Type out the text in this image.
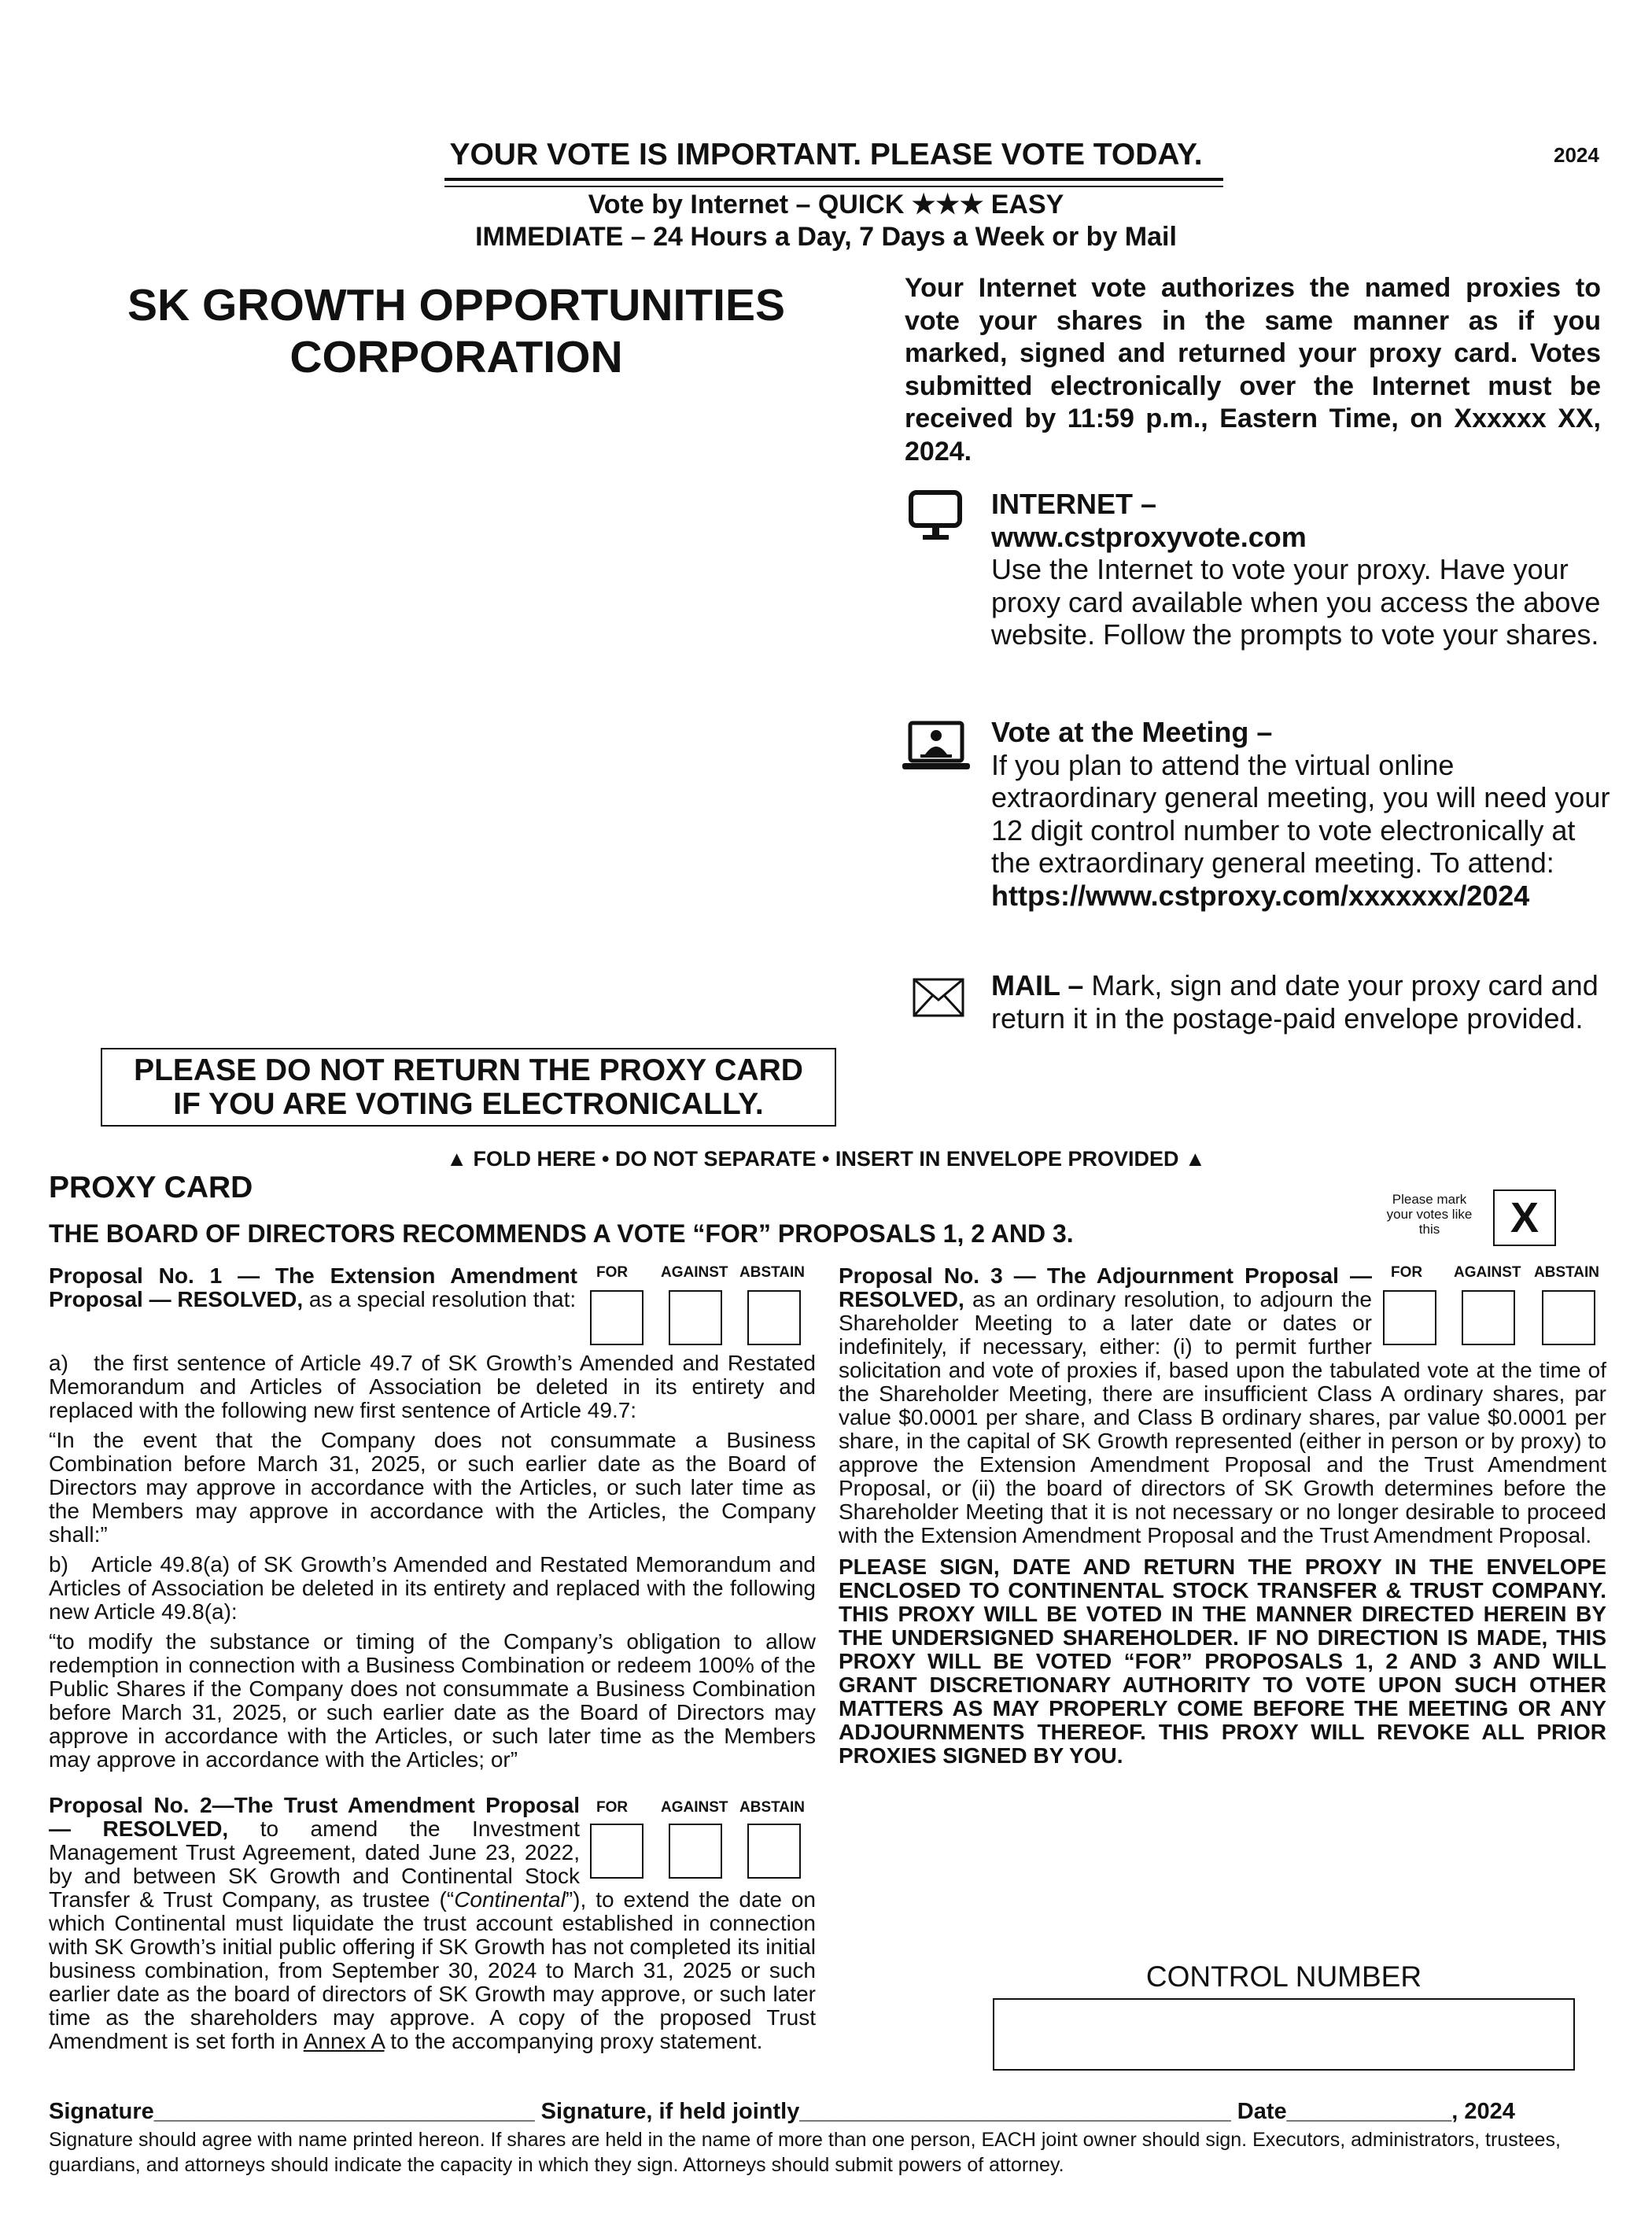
YOUR VOTE IS IMPORTANT. PLEASE VOTE TODAY.	2024
Vote by Internet – QUICK ★★★ EASY
IMMEDIATE – 24 Hours a Day, 7 Days a Week or by Mail
SK GROWTH OPPORTUNITIES
CORPORATION
Your Internet vote authorizes the named proxies to vote your shares in the same manner as if you marked, signed and returned your proxy card. Votes submitted electronically over the Internet must be received by 11:59 p.m., Eastern Time, on Xxxxxx XX, 2024.
INTERNET –
www.cstproxyvote.com
Use the Internet to vote your proxy. Have your proxy card available when you access the above website. Follow the prompts to vote your shares.
Vote at the Meeting –
If you plan to attend the virtual online extraordinary general meeting, you will need your 12 digit control number to vote electronically at the extraordinary general meeting. To attend:
https://www.cstproxy.com/xxxxxxx/2024
MAIL – Mark, sign and date your proxy card and return it in the postage-paid envelope provided.
PLEASE DO NOT RETURN THE PROXY CARD
IF YOU ARE VOTING ELECTRONICALLY.
▲ FOLD HERE • DO NOT SEPARATE • INSERT IN ENVELOPE PROVIDED ▲
PROXY CARD
THE BOARD OF DIRECTORS RECOMMENDS A VOTE “FOR” PROPOSALS 1, 2 AND 3.
Please mark your votes like this	X
Proposal No. 1 — The Extension Amendment Proposal — RESOLVED, as a special resolution that:
FOR AGAINST ABSTAIN
a)   the first sentence of Article 49.7 of SK Growth’s Amended and Restated Memorandum and Articles of Association be deleted in its entirety and replaced with the following new first sentence of Article 49.7:
“In the event that the Company does not consummate a Business Combination before March 31, 2025, or such earlier date as the Board of Directors may approve in accordance with the Articles, or such later time as the Members may approve in accordance with the Articles, the Company shall:”
b)   Article 49.8(a) of SK Growth’s Amended and Restated Memorandum and Articles of Association be deleted in its entirety and replaced with the following new Article 49.8(a):
“to modify the substance or timing of the Company’s obligation to allow redemption in connection with a Business Combination or redeem 100% of the Public Shares if the Company does not consummate a Business Combination before March 31, 2025, or such earlier date as the Board of Directors may approve in accordance with the Articles, or such later time as the Members may approve in accordance with the Articles; or”
FOR AGAINST ABSTAIN
Proposal No. 2—The Trust Amendment Proposal — RESOLVED, to amend the Investment Management Trust Agreement, dated June 23, 2022, by and between SK Growth and Continental Stock Transfer & Trust Company, as trustee (“Continental”), to extend the date on which Continental must liquidate the trust account established in connection with SK Growth’s initial public offering if SK Growth has not completed its initial business combination, from September 30, 2024 to March 31, 2025 or such earlier date as the board of directors of SK Growth may approve, or such later time as the shareholders may approve. A copy of the proposed Trust Amendment is set forth in Annex A to the accompanying proxy statement.
FOR AGAINST ABSTAIN
Proposal No. 3 — The Adjournment Proposal — RESOLVED, as an ordinary resolution, to adjourn the Shareholder Meeting to a later date or dates or indefinitely, if necessary, either: (i) to permit further solicitation and vote of proxies if, based upon the tabulated vote at the time of the Shareholder Meeting, there are insufficient Class A ordinary shares, par value $0.0001 per share, and Class B ordinary shares, par value $0.0001 per share, in the capital of SK Growth represented (either in person or by proxy) to approve the Extension Amendment Proposal and the Trust Amendment Proposal, or (ii) the board of directors of SK Growth determines before the Shareholder Meeting that it is not necessary or no longer desirable to proceed with the Extension Amendment Proposal and the Trust Amendment Proposal.
PLEASE SIGN, DATE AND RETURN THE PROXY IN THE ENVELOPE ENCLOSED TO CONTINENTAL STOCK TRANSFER & TRUST COMPANY. THIS PROXY WILL BE VOTED IN THE MANNER DIRECTED HEREIN BY THE UNDERSIGNED SHAREHOLDER. IF NO DIRECTION IS MADE, THIS PROXY WILL BE VOTED “FOR” PROPOSALS 1, 2 AND 3 AND WILL GRANT DISCRETIONARY AUTHORITY TO VOTE UPON SUCH OTHER MATTERS AS MAY PROPERLY COME BEFORE THE MEETING OR ANY ADJOURNMENTS THEREOF. THIS PROXY WILL REVOKE ALL PRIOR PROXIES SIGNED BY YOU.
CONTROL NUMBER
Signature______________________________ Signature, if held jointly__________________________________ Date_____________, 2024
Signature should agree with name printed hereon. If shares are held in the name of more than one person, EACH joint owner should sign. Executors, administrators, trustees, guardians, and attorneys should indicate the capacity in which they sign. Attorneys should submit powers of attorney.
